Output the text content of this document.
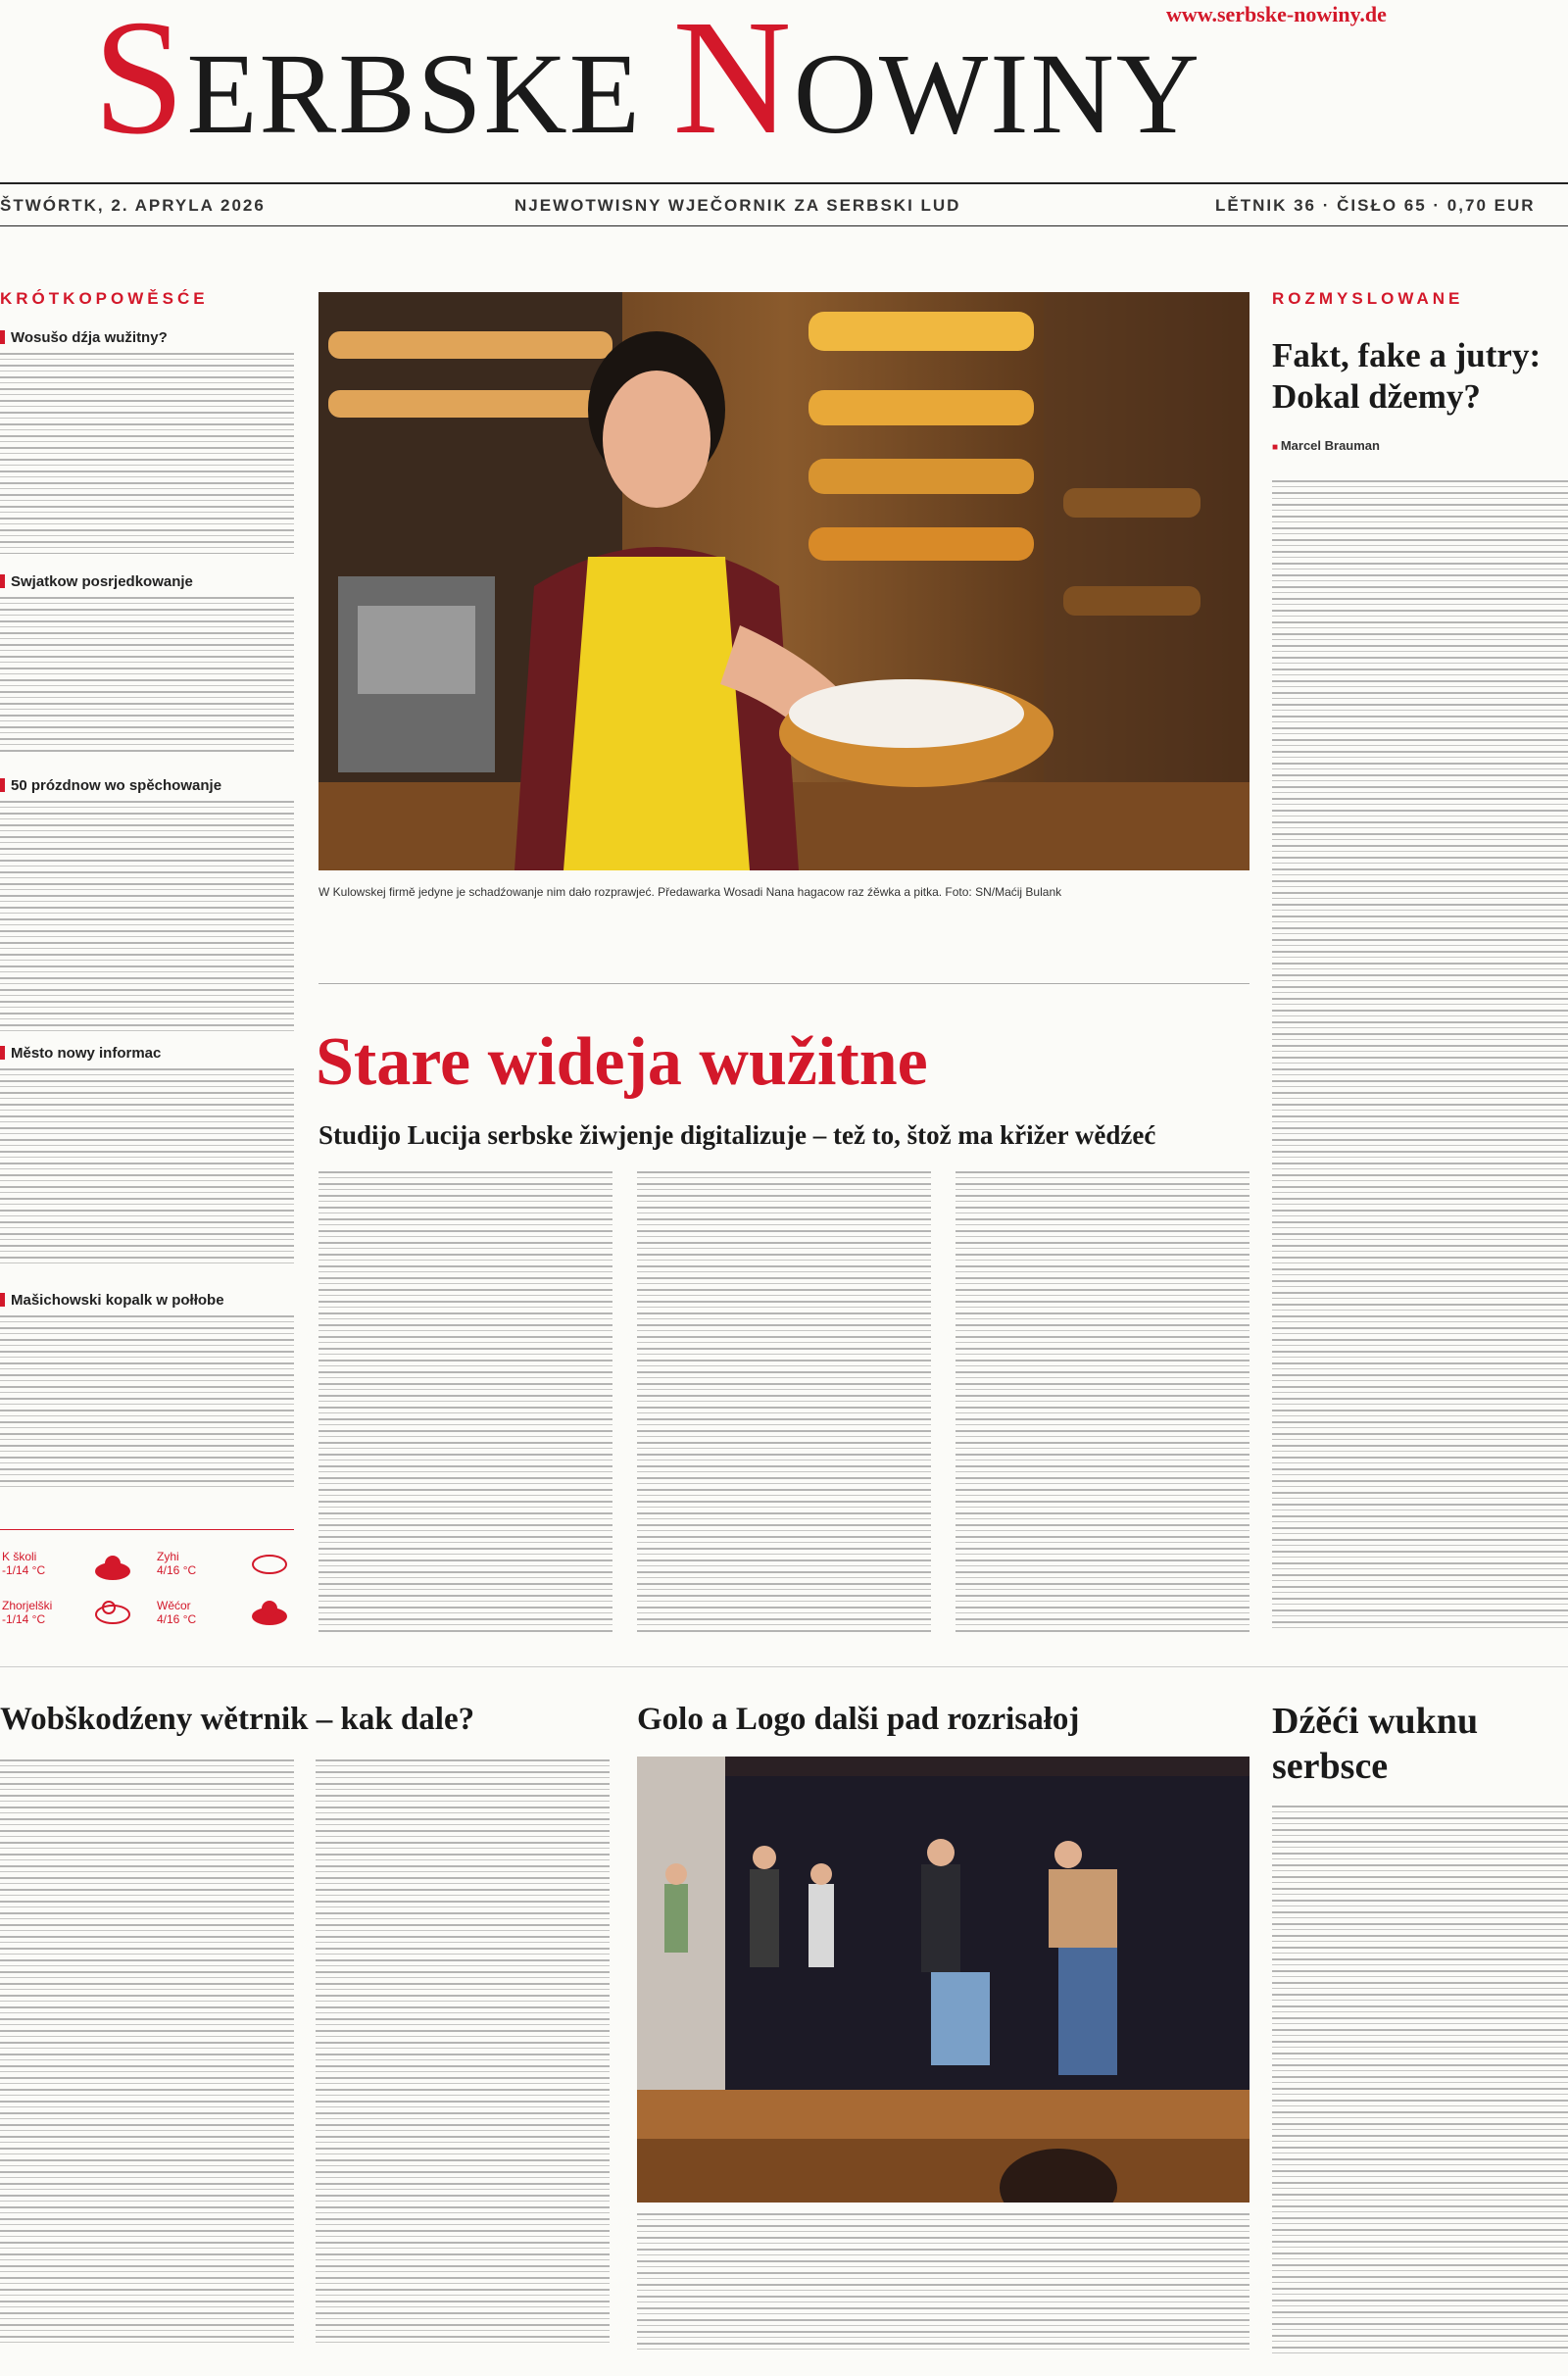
SERBSKE NOWINY
www.serbske-nowiny.de
ŠTWÓRTK, 2. APRYLA 2026	NJEWOTWISNY WJEČORNIK ZA SERBSKI LUD	LĚTNIK 36 · ČISŁO 65 · 0,70 EUR
KRÓTKOPOWĚSĆE
Wosušo dźja wužitny?
Swjatkow posrjedkowanje
50 prózdnow wo spěchowanje
Město nowy informac
Mašichowski kopalk w połłobe
K školi
-1/14 °C
Zyhi
4/16 °C
Zhorjelški
-1/14 °C
Wěćor
4/16 °C
W Kulowskej firmě jedyne je schadźowanje nim dało rozprawjeć. Předawarka Wosadi Nana hagacow raz źěwka a pitka. Foto: SN/Maćij Bulank
Stare wideja wužitne
Studijo Lucija serbske žiwjenje digitalizuje – tež to, štož ma křižer wědźeć
ROZMYSLOWANE
Fakt, fake a jutry: Dokal džemy?
■ Marcel Brauman
Wobškodźeny wětrnik – kak dale?	Golo a Logo dalši pad rozrisałoj	Dźěći wuknu serbsce
